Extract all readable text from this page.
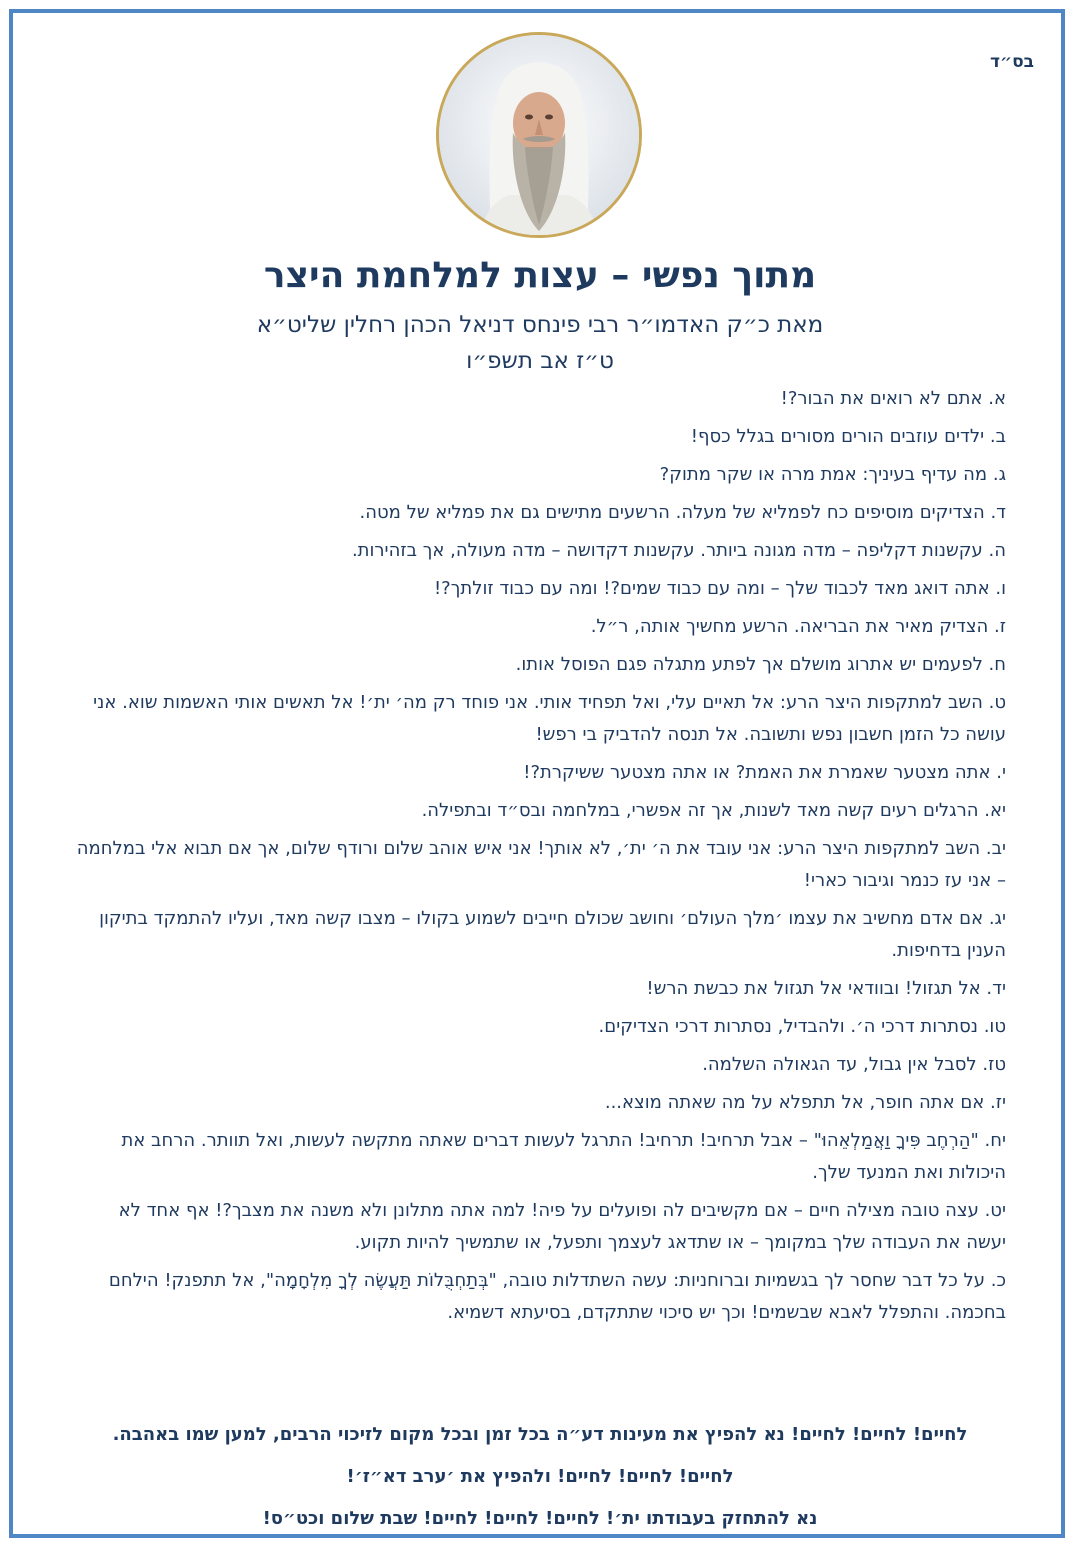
בס״ד
מתוך נפשי – עצות למלחמת היצר
מאת כ״ק האדמו״ר רבי פינחס דניאל הכהן רחלין שליט״א
ט״ז אב תשפ״ו
א. אתם לא רואים את הבור?!
ב. ילדים עוזבים הורים מסורים בגלל כסף!
ג. מה עדיף בעיניך: אמת מרה או שקר מתוק?
ד. הצדיקים מוסיפים כח לפמליא של מעלה. הרשעים מתישים גם את פמליא של מטה.
ה. עקשנות דקליפה – מדה מגונה ביותר. עקשנות דקדושה – מדה מעולה, אך בזהירות.
ו. אתה דואג מאד לכבוד שלך – ומה עם כבוד שמים?! ומה עם כבוד זולתך?!
ז. הצדיק מאיר את הבריאה. הרשע מחשיך אותה, ר״ל.
ח. לפעמים יש אתרוג מושלם אך לפתע מתגלה פגם הפוסל אותו.
ט. השב למתקפות היצר הרע: אל תאיים עלי, ואל תפחיד אותי. אני פוחד רק מה׳ ית׳! אל תאשים אותי האשמות שוא. אני עושה כל הזמן חשבון נפש ותשובה. אל תנסה להדביק בי רפש!
י. אתה מצטער שאמרת את האמת? או אתה מצטער ששיקרת?!
יא. הרגלים רעים קשה מאד לשנות, אך זה אפשרי, במלחמה ובס״ד ובתפילה.
יב. השב למתקפות היצר הרע: אני עובד את ה׳ ית׳, לא אותך! אני איש אוהב שלום ורודף שלום, אך אם תבוא אלי במלחמה – אני עז כנמר וגיבור כארי!
יג. אם אדם מחשיב את עצמו ׳מלך העולם׳ וחושב שכולם חייבים לשמוע בקולו – מצבו קשה מאד, ועליו להתמקד בתיקון הענין בדחיפות.
יד. אל תגזול! ובוודאי אל תגזול את כבשת הרש!
טו. נסתרות דרכי ה׳. ולהבדיל, נסתרות דרכי הצדיקים.
טז. לסבל אין גבול, עד הגאולה השלמה.
יז. אם אתה חופר, אל תתפלא על מה שאתה מוצא...
יח. "הַרְחֶב פִּיךָ וַאֲמַלְאֵהוּ" – אבל תרחיב! תרחיב! התרגל לעשות דברים שאתה מתקשה לעשות, ואל תוותר. הרחב את היכולות ואת המנעד שלך.
יט. עצה טובה מצילה חיים – אם מקשיבים לה ופועלים על פיה! למה אתה מתלונן ולא משנה את מצבך?! אף אחד לא יעשה את העבודה שלך במקומך – או שתדאג לעצמך ותפעל, או שתמשיך להיות תקוע.
כ. על כל דבר שחסר לך בגשמיות וברוחניות: עשה השתדלות טובה, "בְּתַחְבֻּלוֹת תַּעֲשֶׂה לְךָ מִלְחָמָה", אל תתפנק! הילחם בחכמה. והתפלל לאבא שבשמים! וכך יש סיכוי שתתקדם, בסיעתא דשמיא.
לחיים! לחיים! לחיים! נא להפיץ את מעינות דע״ה בכל זמן ובכל מקום לזיכוי הרבים, למען שמו באהבה.
לחיים! לחיים! לחיים! ולהפיץ את ׳ערב דא״ז׳!
נא להתחזק בעבודתו ית׳! לחיים! לחיים! לחיים! שבת שלום וכט״ס!
